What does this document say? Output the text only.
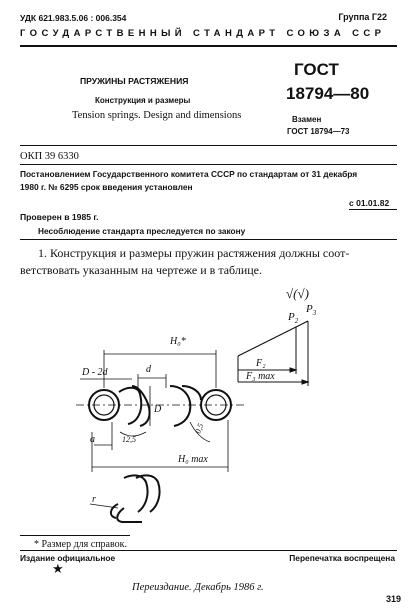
УДК 621.983.5.06 : 006.354	Группа Г22
ГОСУДАРСТВЕННЫЙ СТАНДАРТ СОЮЗА ССР
ПРУЖИНЫ РАСТЯЖЕНИЯ
Конструкция и размеры
Tension springs. Design and dimensions
ГОСТ
18794—80
Взамен
ГОСТ 18794—73
ОКП 39 6330
Постановлением Государственного комитета СССР по стандартам от 31 декабря
1980 г. № 6295 срок введения установлен
с 01.01.82
Проверен в 1985 г.
Несоблюдение стандарта преследуется по закону
1. Конструкция и размеры пружин растяжения должны соот-
ветствовать указанным на чертеже и в таблице.
√(√)
$P_2$
$P_3$
F₂
F₃ max
H₀*
D - 2d	d
D
a	12,5
0,5
H₀ max
r
* Размер для справок.
Издание официальное	Перепечатка воспрещена
★
Переиздание. Декабрь 1986 г.
319
